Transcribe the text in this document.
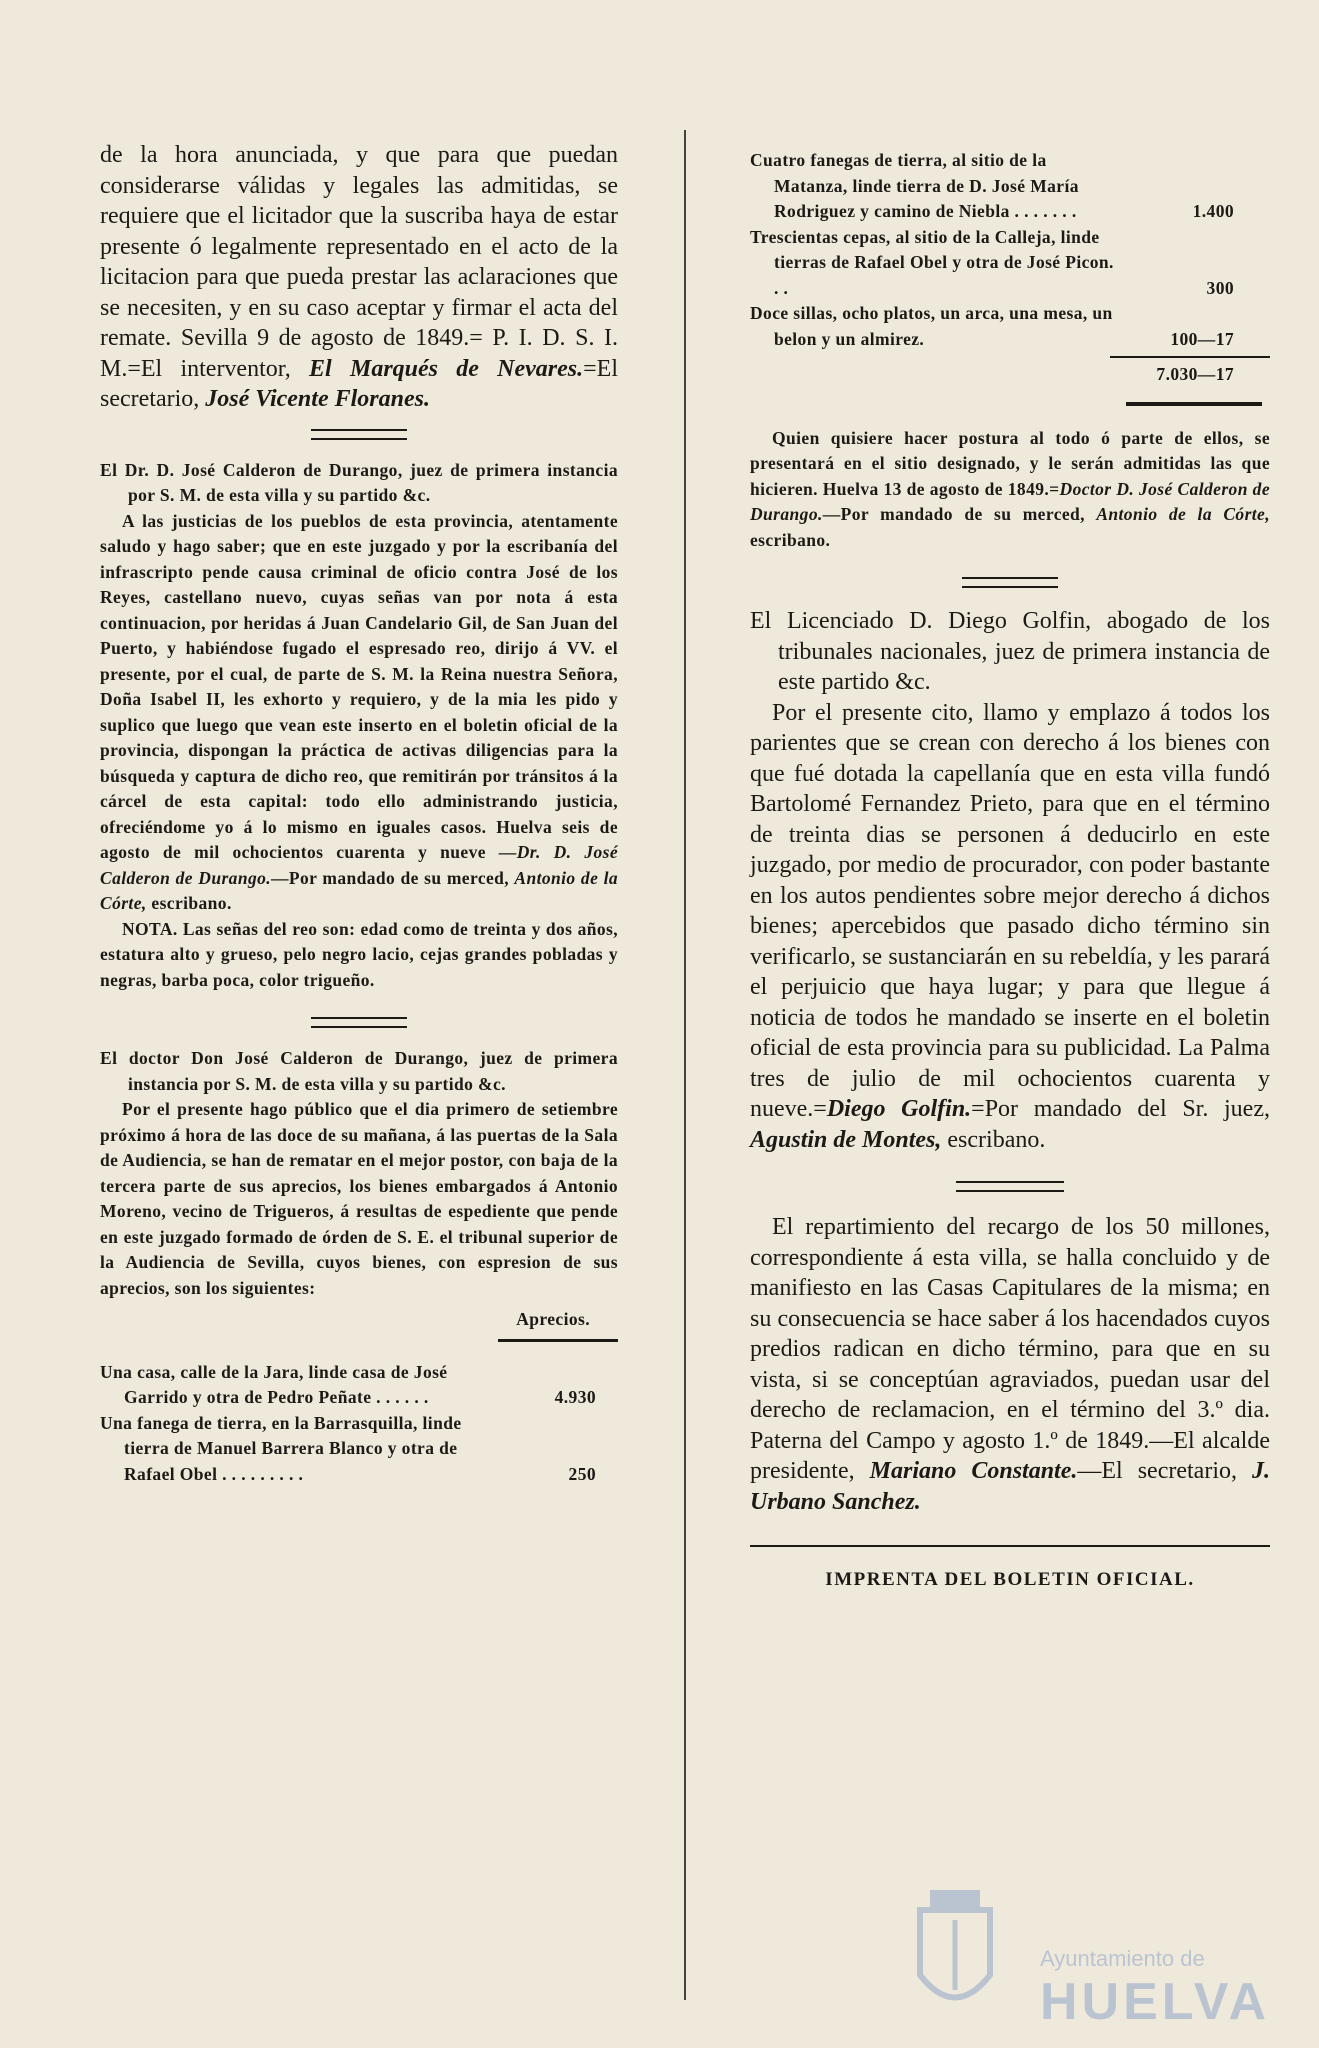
de la hora anunciada, y que para que puedan considerarse válidas y legales las admitidas, se requiere que el licitador que la suscriba haya de estar presente ó legalmente representado en el acto de la licitacion para que pueda prestar las aclaraciones que se necesiten, y en su caso aceptar y firmar el acta del remate. Sevilla 9 de agosto de 1849.= P. I. D. S. I. M.=El interventor, El Marqués de Nevares.=El secretario, José Vicente Floranes.

El Dr. D. José Calderon de Durango, juez de primera instancia por S. M. de esta villa y su partido &c.

A las justicias de los pueblos de esta provincia, atentamente saludo y hago saber; que en este juzgado y por la escribanía del infrascripto pende causa criminal de oficio contra José de los Reyes, castellano nuevo, cuyas señas van por nota á esta continuacion, por heridas á Juan Candelario Gil, de San Juan del Puerto, y habiéndose fugado el espresado reo, dirijo á VV. el presente, por el cual, de parte de S. M. la Reina nuestra Señora, Doña Isabel II, les exhorto y requiero, y de la mia les pido y suplico que luego que vean este inserto en el boletin oficial de la provincia, dispongan la práctica de activas diligencias para la búsqueda y captura de dicho reo, que remitirán por tránsitos á la cárcel de esta capital: todo ello administrando justicia, ofreciéndome yo á lo mismo en iguales casos. Huelva seis de agosto de mil ochocientos cuarenta y nueve —Dr. D. José Calderon de Durango.—Por mandado de su merced, Antonio de la Córte, escribano.

NOTA. Las señas del reo son: edad como de treinta y dos años, estatura alto y grueso, pelo negro lacio, cejas grandes pobladas y negras, barba poca, color trigueño.

El doctor Don José Calderon de Durango, juez de primera instancia por S. M. de esta villa y su partido &c.

Por el presente hago público que el dia primero de setiembre próximo á hora de las doce de su mañana, á las puertas de la Sala de Audiencia, se han de rematar en el mejor postor, con baja de la tercera parte de sus aprecios, los bienes embargados á Antonio Moreno, vecino de Trigueros, á resultas de espediente que pende en este juzgado formado de órden de S. E. el tribunal superior de la Audiencia de Sevilla, cuyos bienes, con espresion de sus aprecios, son los siguientes:

Aprecios.

Una casa, calle de la Jara, linde casa de José Garrido y otra de Pedro Peñate . . . . . .	4.930
Una fanega de tierra, en la Barrasquilla, linde tierra de Manuel Barrera Blanco y otra de Rafael Obel . . . . . . . . .	250
Cuatro fanegas de tierra, al sitio de la Matanza, linde tierra de D. José María Rodriguez y camino de Niebla . . . . . . .	1.400
Trescientas cepas, al sitio de la Calleja, linde tierras de Rafael Obel y otra de José Picon. . .	300
Doce sillas, ocho platos, un arca, una mesa, un belon y un almirez.	100—17

7.030—17

Quien quisiere hacer postura al todo ó parte de ellos, se presentará en el sitio designado, y le serán admitidas las que hicieren. Huelva 13 de agosto de 1849.=Doctor D. José Calderon de Durango.—Por mandado de su merced, Antonio de la Córte, escribano.

El Licenciado D. Diego Golfin, abogado de los tribunales nacionales, juez de primera instancia de este partido &c.

Por el presente cito, llamo y emplazo á todos los parientes que se crean con derecho á los bienes con que fué dotada la capellanía que en esta villa fundó Bartolomé Fernandez Prieto, para que en el término de treinta dias se personen á deducirlo en este juzgado, por medio de procurador, con poder bastante en los autos pendientes sobre mejor derecho á dichos bienes; apercebidos que pasado dicho término sin verificarlo, se sustanciarán en su rebeldía, y les parará el perjuicio que haya lugar; y para que llegue á noticia de todos he mandado se inserte en el boletin oficial de esta provincia para su publicidad. La Palma tres de julio de mil ochocientos cuarenta y nueve.=Diego Golfin.=Por mandado del Sr. juez, Agustin de Montes, escribano.

El repartimiento del recargo de los 50 millones, correspondiente á esta villa, se halla concluido y de manifiesto en las Casas Capitulares de la misma; en su consecuencia se hace saber á los hacendados cuyos predios radican en dicho término, para que en su vista, si se conceptúan agraviados, puedan usar del derecho de reclamacion, en el término del 3.º dia. Paterna del Campo y agosto 1.º de 1849.—El alcalde presidente, Mariano Constante.—El secretario, J. Urbano Sanchez.

IMPRENTA DEL BOLETIN OFICIAL.

Ayuntamiento de
HUELVA
